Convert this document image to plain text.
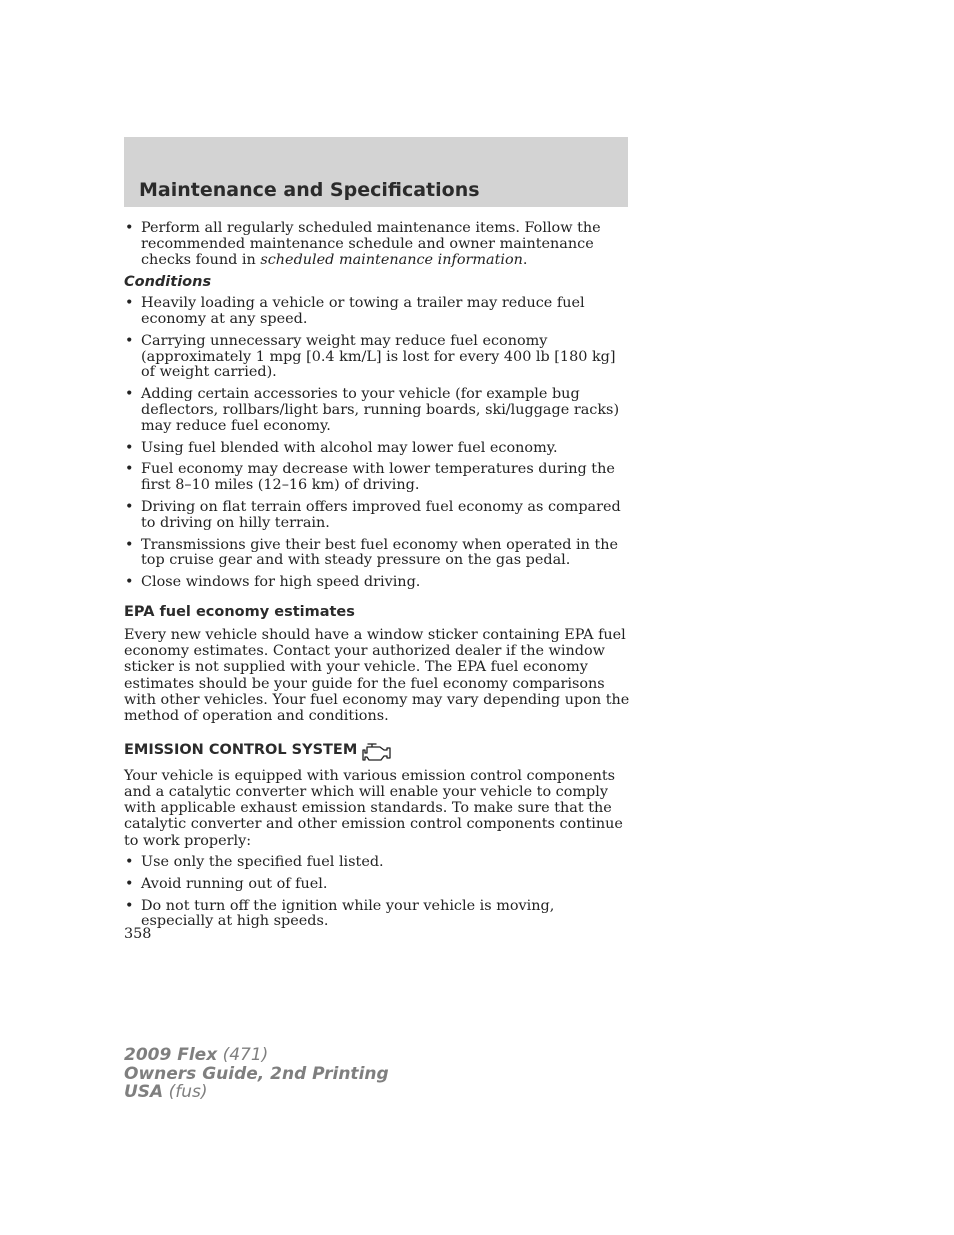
Maintenance and Specifications
• Perform all regularly scheduled maintenance items. Follow the recommended maintenance schedule and owner maintenance checks found in scheduled maintenance information.
Conditions
• Heavily loading a vehicle or towing a trailer may reduce fuel economy at any speed.
• Carrying unnecessary weight may reduce fuel economy (approximately 1 mpg [0.4 km/L] is lost for every 400 lb [180 kg] of weight carried).
• Adding certain accessories to your vehicle (for example bug deflectors, rollbars/light bars, running boards, ski/luggage racks) may reduce fuel economy.
• Using fuel blended with alcohol may lower fuel economy.
• Fuel economy may decrease with lower temperatures during the first 8–10 miles (12–16 km) of driving.
• Driving on flat terrain offers improved fuel economy as compared to driving on hilly terrain.
• Transmissions give their best fuel economy when operated in the top cruise gear and with steady pressure on the gas pedal.
• Close windows for high speed driving.
EPA fuel economy estimates
Every new vehicle should have a window sticker containing EPA fuel economy estimates. Contact your authorized dealer if the window sticker is not supplied with your vehicle. The EPA fuel economy estimates should be your guide for the fuel economy comparisons with other vehicles. Your fuel economy may vary depending upon the method of operation and conditions.
EMISSION CONTROL SYSTEM
Your vehicle is equipped with various emission control components and a catalytic converter which will enable your vehicle to comply with applicable exhaust emission standards. To make sure that the catalytic converter and other emission control components continue to work properly:
• Use only the specified fuel listed.
• Avoid running out of fuel.
• Do not turn off the ignition while your vehicle is moving, especially at high speeds.
358
2009 Flex (471)
Owners Guide, 2nd Printing
USA (fus)
